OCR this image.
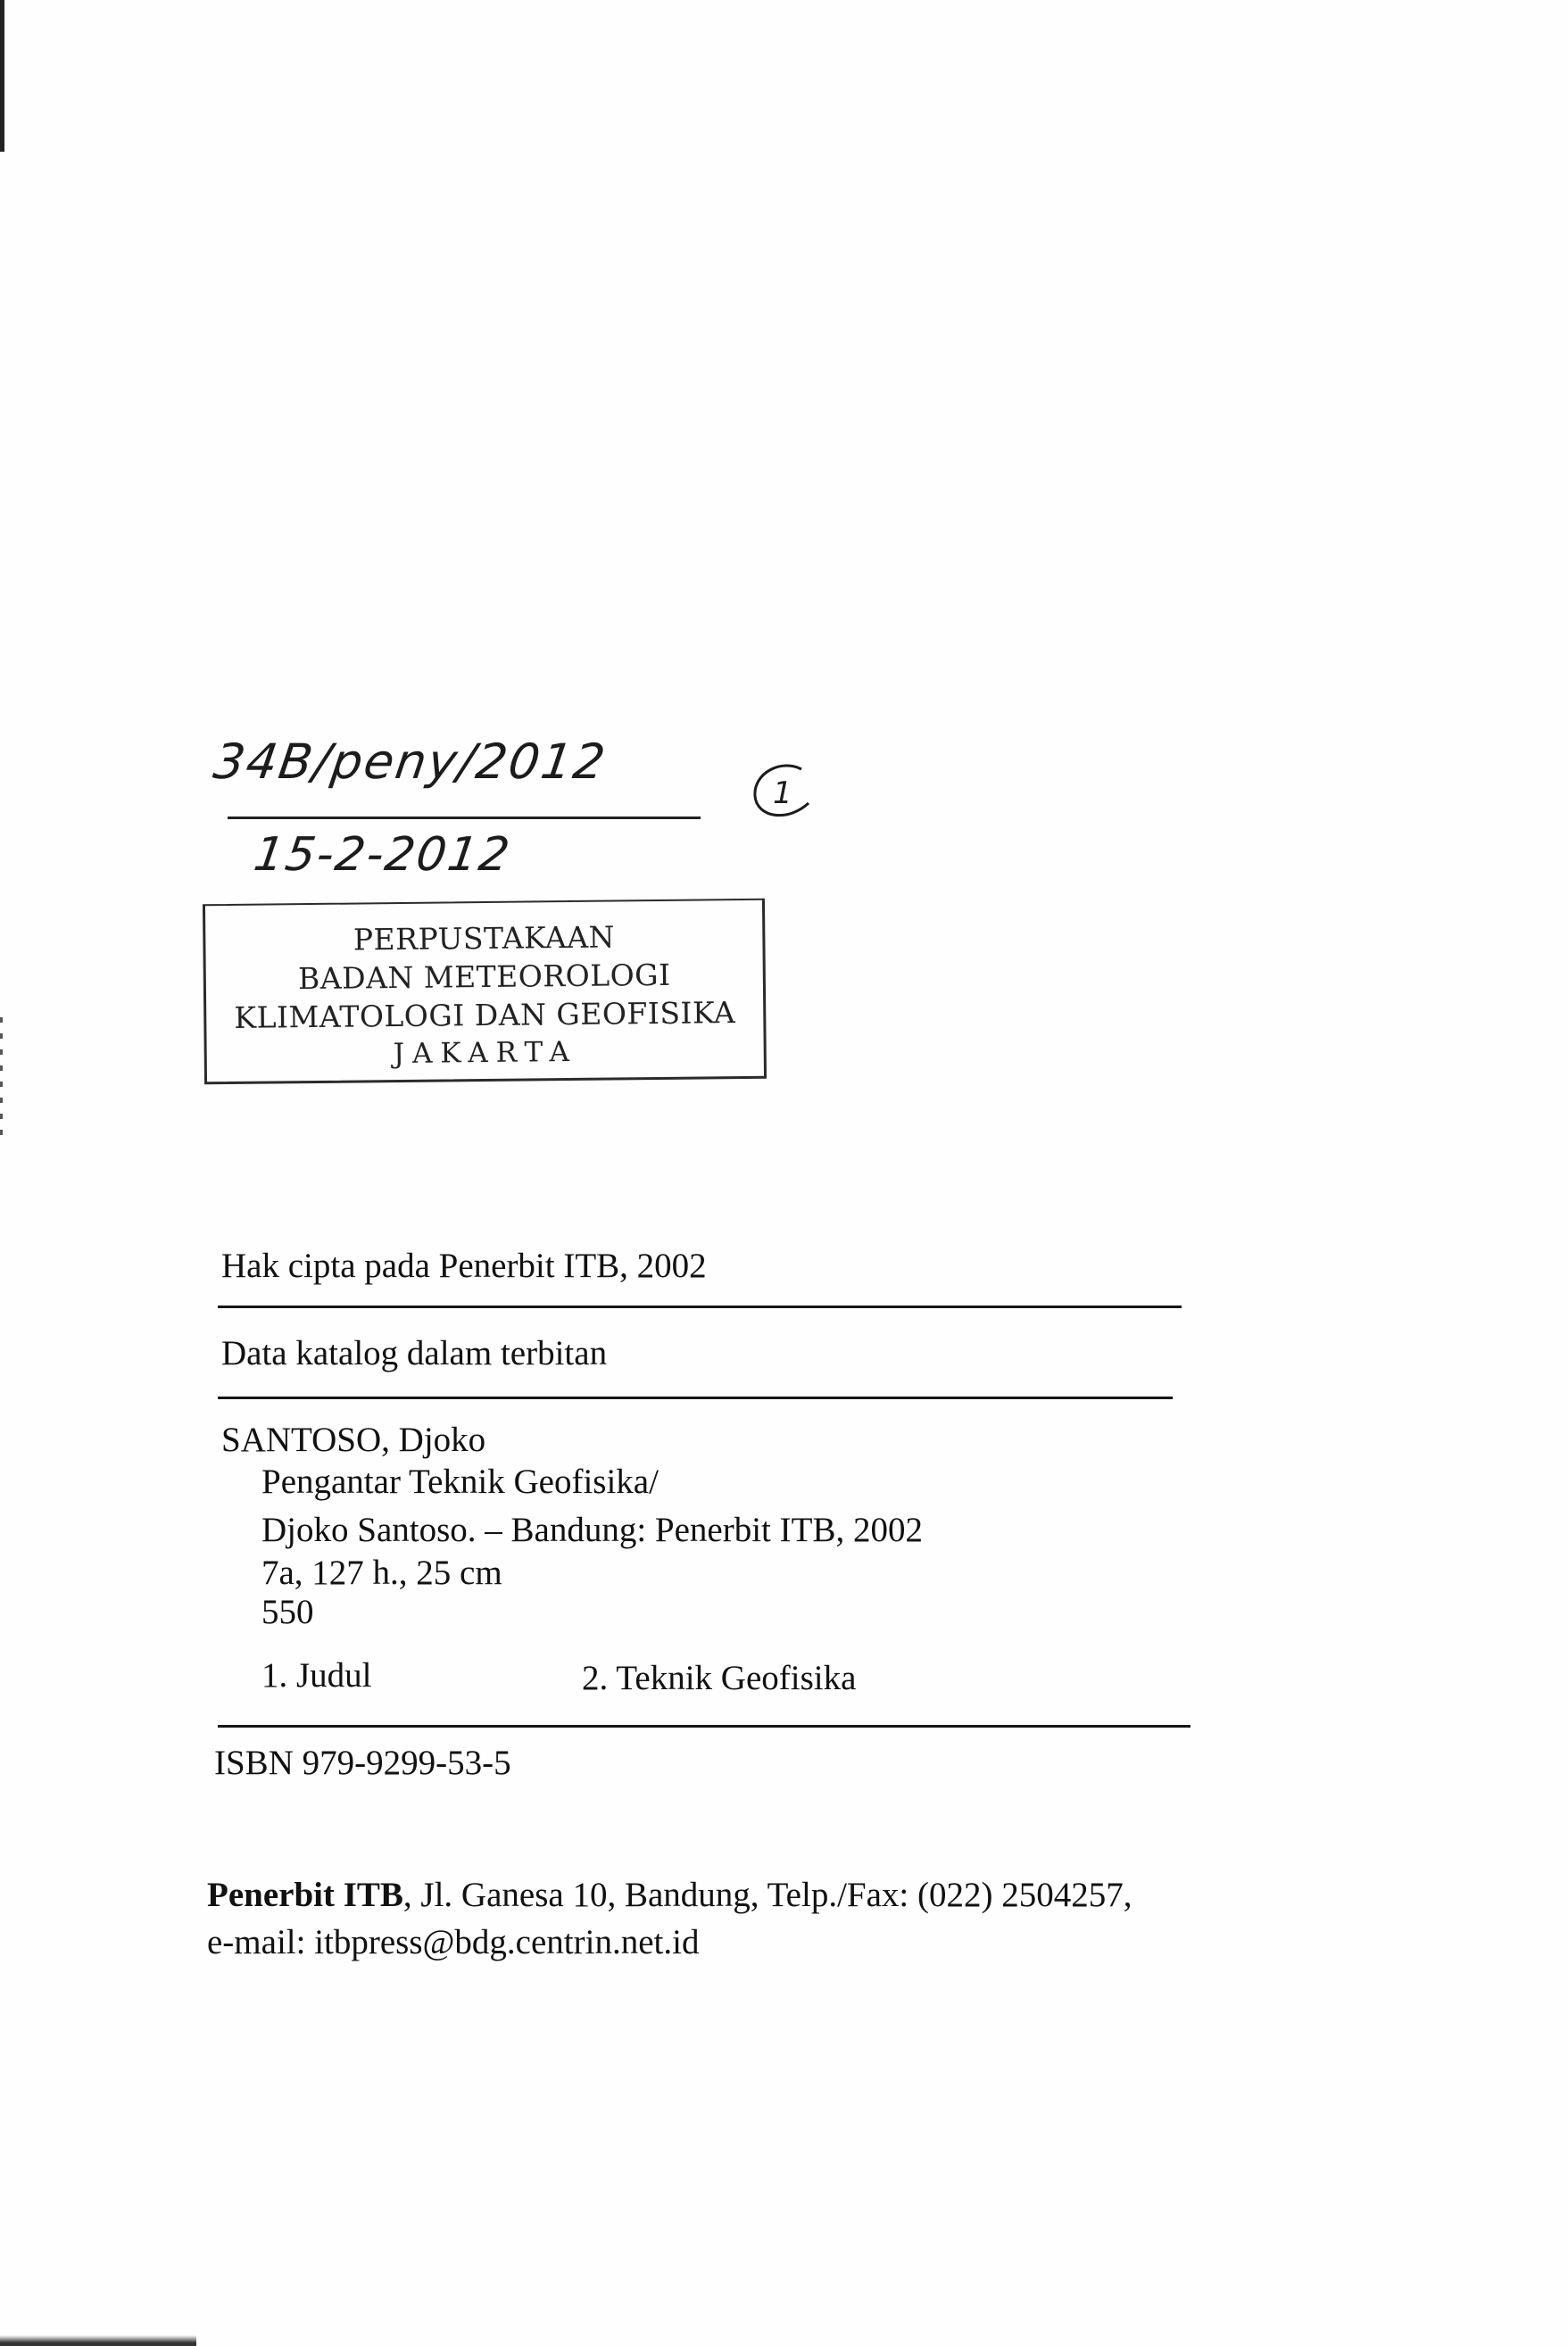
34B/peny/2012
15-2-2012
1
PERPUSTAKAAN
BADAN METEOROLOGI
KLIMATOLOGI DAN GEOFISIKA
JAKARTA
Hak cipta pada Penerbit ITB, 2002
Data katalog dalam terbitan
SANTOSO, Djoko
Pengantar Teknik Geofisika/
Djoko Santoso. – Bandung: Penerbit ITB, 2002
7a, 127 h., 25 cm
550
1. Judul	2. Teknik Geofisika
ISBN 979-9299-53-5
Penerbit ITB, Jl. Ganesa 10, Bandung, Telp./Fax: (022) 2504257,
e-mail: itbpress@bdg.centrin.net.id
